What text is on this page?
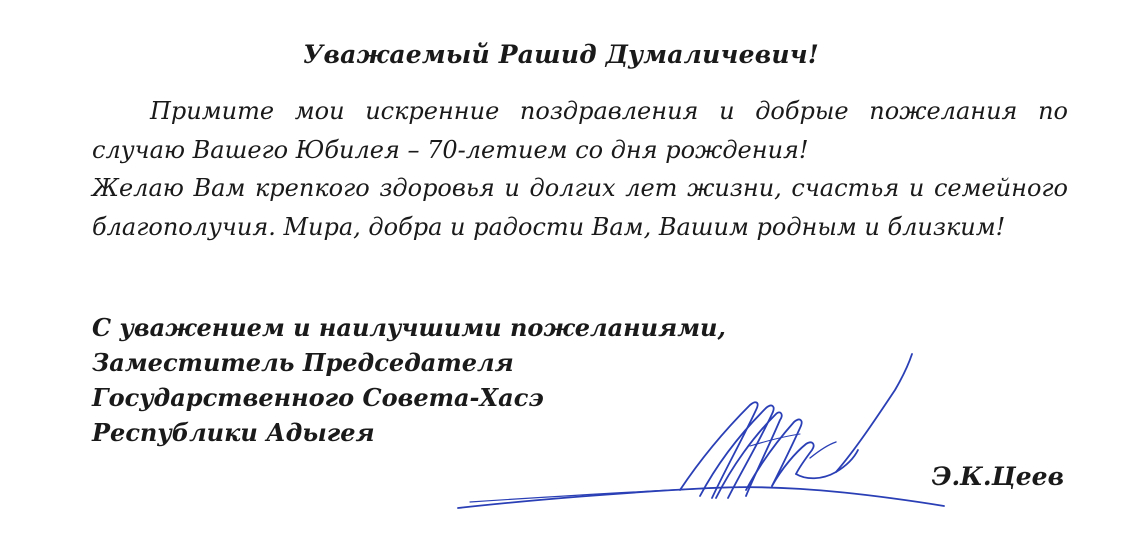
Уважаемый Рашид Думаличевич!

Примите мои искренние поздравления и добрые пожелания по случаю Вашего Юбилея – 70-летием со дня рождения!

Желаю Вам крепкого здоровья и долгих лет жизни, счастья и семейного благополучия. Мира, добра и радости Вам, Вашим родным и близким!

С уважением и наилучшими пожеланиями,
Заместитель Председателя
Государственного Совета-Хасэ
Республики Адыгея
Э.К.Цеев
